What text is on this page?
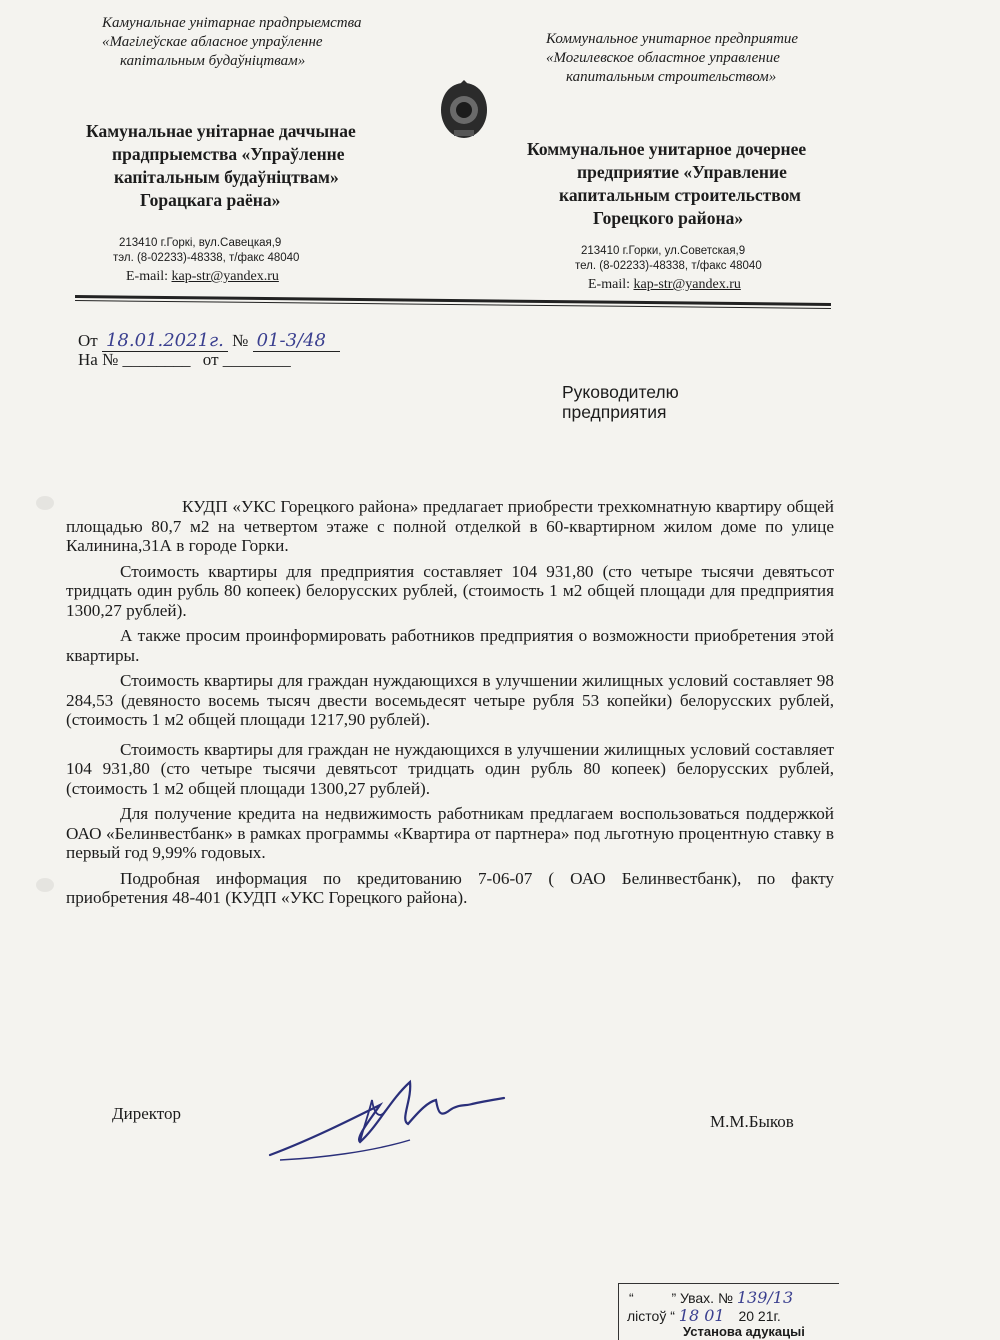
Камунальнае унітарнае прадпрыемства
«Магілеўскае абласное упраўленне
капітальным будаўніцтвам»
Коммунальное унитарное предприятие
«Могилевское областное управление
капитальным строительством»
Камунальнае унітарнае даччынае
прадпрыемства «Упраўленне
капітальным будаўніцтвам»
Горацкага раёна»
Коммунальное унитарное дочернее
предприятие «Управление
капитальным строительством
Горецкого района»
213410 г.Горкі, вул.Савецкая,9
тэл. (8-02233)-48338, т/факс 48040
E-mail: kap-str@yandex.ru
213410 г.Горки, ул.Советская,9
тел. (8-02233)-48338, т/факс 48040
E-mail: kap-str@yandex.ru
От 18.01.2021г. № 01-3/48
На № ________ от ________
Руководителю
предприятия

КУДП «УКС Горецкого района» предлагает приобрести трехкомнатную квартиру общей площадью 80,7 м2 на четвертом этаже с полной отделкой в 60-квартирном жилом доме по улице Калинина,31А в городе Горки.

Стоимость квартиры для предприятия составляет 104 931,80 (сто четыре тысячи девятьсот тридцать один рубль 80 копеек) белорусских рублей, (стоимость 1 м2 общей площади для предприятия 1300,27 рублей).

А также просим проинформировать работников предприятия о возможности приобретения этой квартиры.

Стоимость квартиры для граждан нуждающихся в улучшении жилищных условий составляет 98 284,53 (девяносто восемь тысяч двести восемьдесят четыре рубля 53 копейки) белорусских рублей, (стоимость 1 м2 общей площади 1217,90 рублей).

Стоимость квартиры для граждан не нуждающихся в улучшении жилищных условий составляет 104 931,80 (сто четыре тысячи девятьсот тридцать один рубль 80 копеек) белорусских рублей, (стоимость 1 м2 общей площади 1300,27 рублей).

Для получение кредита на недвижимость работникам предлагаем воспользоваться поддержкой ОАО «Белинвестбанк» в рамках программы «Квартира от партнера» под льготную процентную ставку в первый год 9,99% годовых.

Подробная информация по кредитованию 7-06-07 ( ОАО Белинвестбанк), по факту приобретения 48-401 (КУДП «УКС Горецкого района).

Директор	М.М.Быков
“	” Увах. № 139/13
лістоў “ 18 01 20 21г.
Установа адукацыі
